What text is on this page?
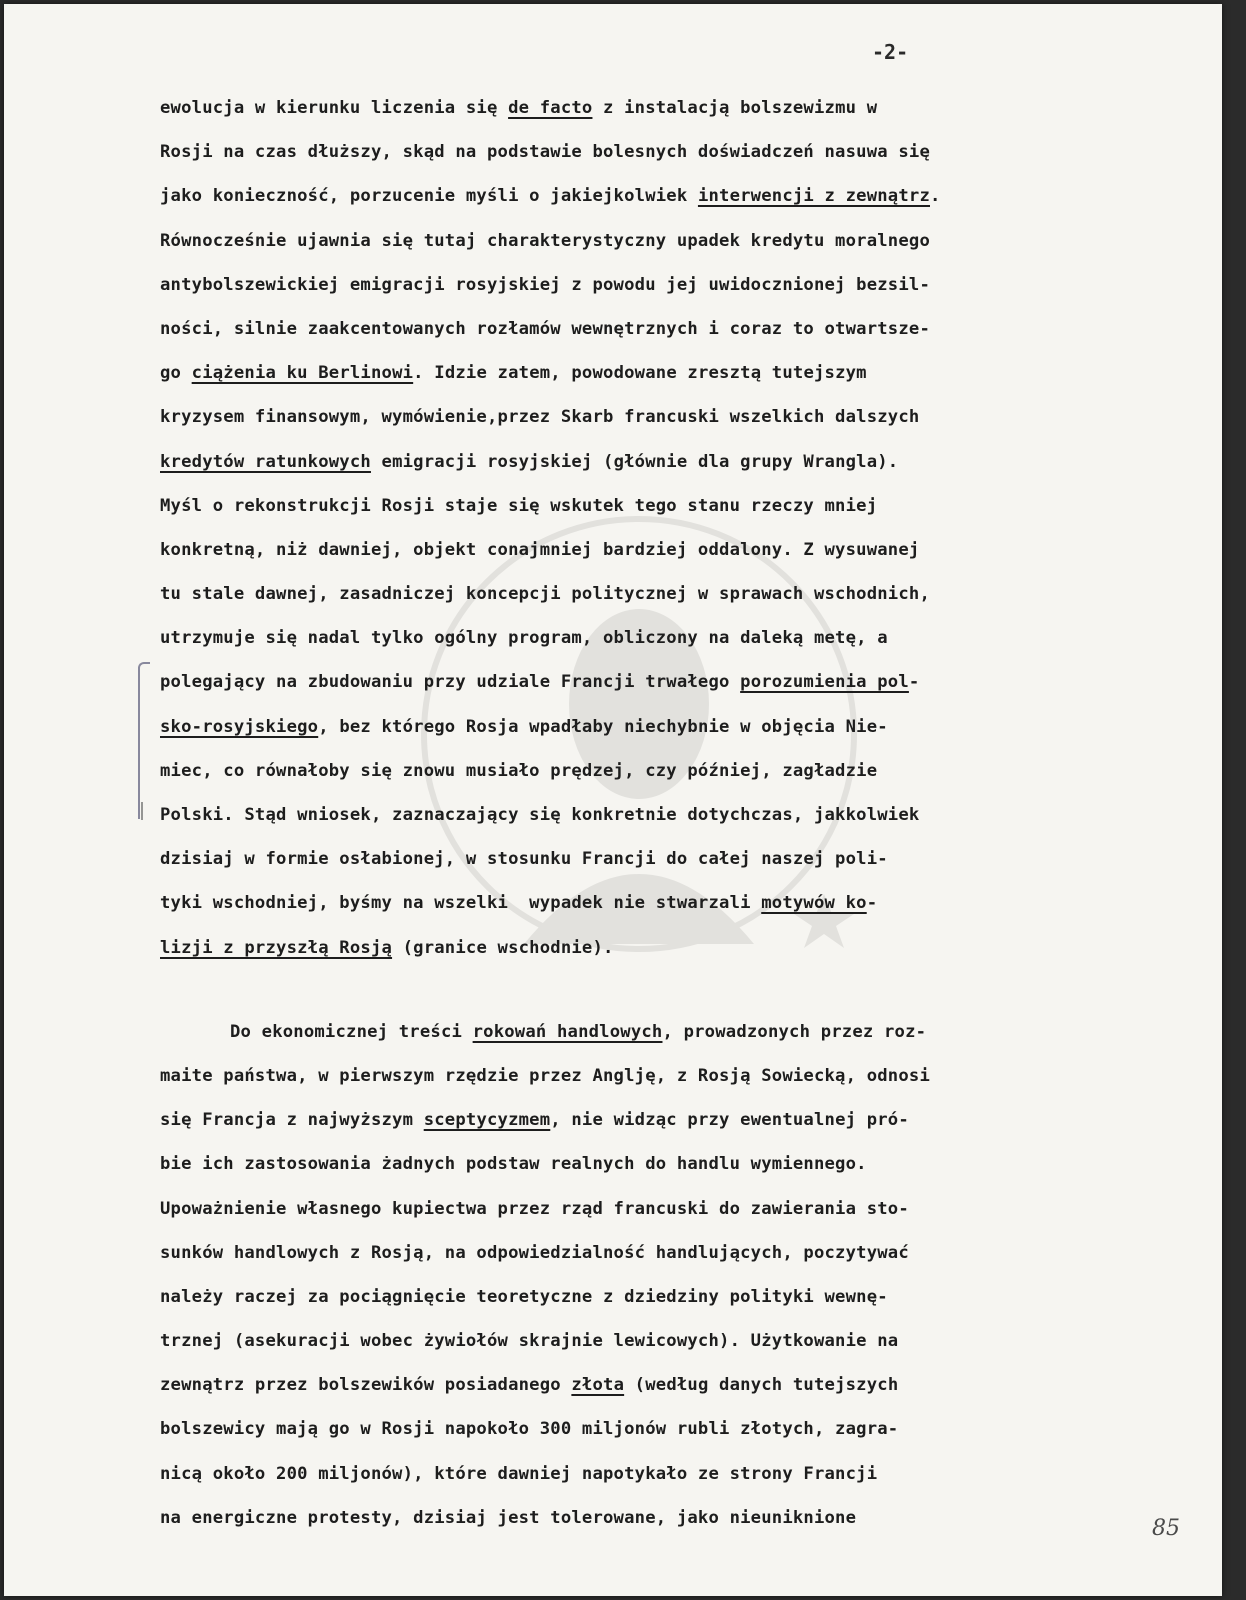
-2-

ewolucja w kierunku liczenia się de facto z instalacją bolszewizmu w
Rosji na czas dłuższy, skąd na podstawie bolesnych doświadczeń nasuwa się
jako konieczność, porzucenie myśli o jakiejkolwiek interwencji z zewnątrz.
Równocześnie ujawnia się tutaj charakterystyczny upadek kredytu moralnego
antybolszewickiej emigracji rosyjskiej z powodu jej uwidocznionej bezsil-
ności, silnie zaakcentowanych rozłamów wewnętrznych i coraz to otwartsze-
go ciążenia ku Berlinowi. Idzie zatem, powodowane zresztą tutejszym
kryzysem finansowym, wymówienie,przez Skarb francuski wszelkich dalszych
kredytów ratunkowych emigracji rosyjskiej (głównie dla grupy Wrangla).
Myśl o rekonstrukcji Rosji staje się wskutek tego stanu rzeczy mniej
konkretną, niż dawniej, objekt conajmniej bardziej oddalony. Z wysuwanej
tu stale dawnej, zasadniczej koncepcji politycznej w sprawach wschodnich,
utrzymuje się nadal tylko ogólny program, obliczony na daleką metę, a
polegający na zbudowaniu przy udziale Francji trwałego porozumienia pol-
sko-rosyjskiego, bez którego Rosja wpadłaby niechybnie w objęcia Nie-
miec, co równałoby się znowu musiało prędzej, czy później, zagładzie
Polski. Stąd wniosek, zaznaczający się konkretnie dotychczas, jakkolwiek
dzisiaj w formie osłabionej, w stosunku Francji do całej naszej poli-
tyki wschodniej, byśmy na wszelki  wypadek nie stwarzali motywów ko-
lizji z przyszłą Rosją (granice wschodnie).
Do ekonomicznej treści rokowań handlowych, prowadzonych przez roz-
maite państwa, w pierwszym rzędzie przez Anglję, z Rosją Sowiecką, odnosi
się Francja z najwyższym sceptycyzmem, nie widząc przy ewentualnej pró-
bie ich zastosowania żadnych podstaw realnych do handlu wymiennego.
Upoważnienie własnego kupiectwa przez rząd francuski do zawierania sto-
sunków handlowych z Rosją, na odpowiedzialność handlujących, poczytywać
należy raczej za pociągnięcie teoretyczne z dziedziny polityki wewnę-
trznej (asekuracji wobec żywiołów skrajnie lewicowych). Użytkowanie na
zewnątrz przez bolszewików posiadanego złota (według danych tutejszych
bolszewicy mają go w Rosji napokoło 300 miljonów rubli złotych, zagra-
nicą około 200 miljonów), które dawniej napotykało ze strony Francji
na energiczne protesty, dzisiaj jest tolerowane, jako nieuniknione	85
